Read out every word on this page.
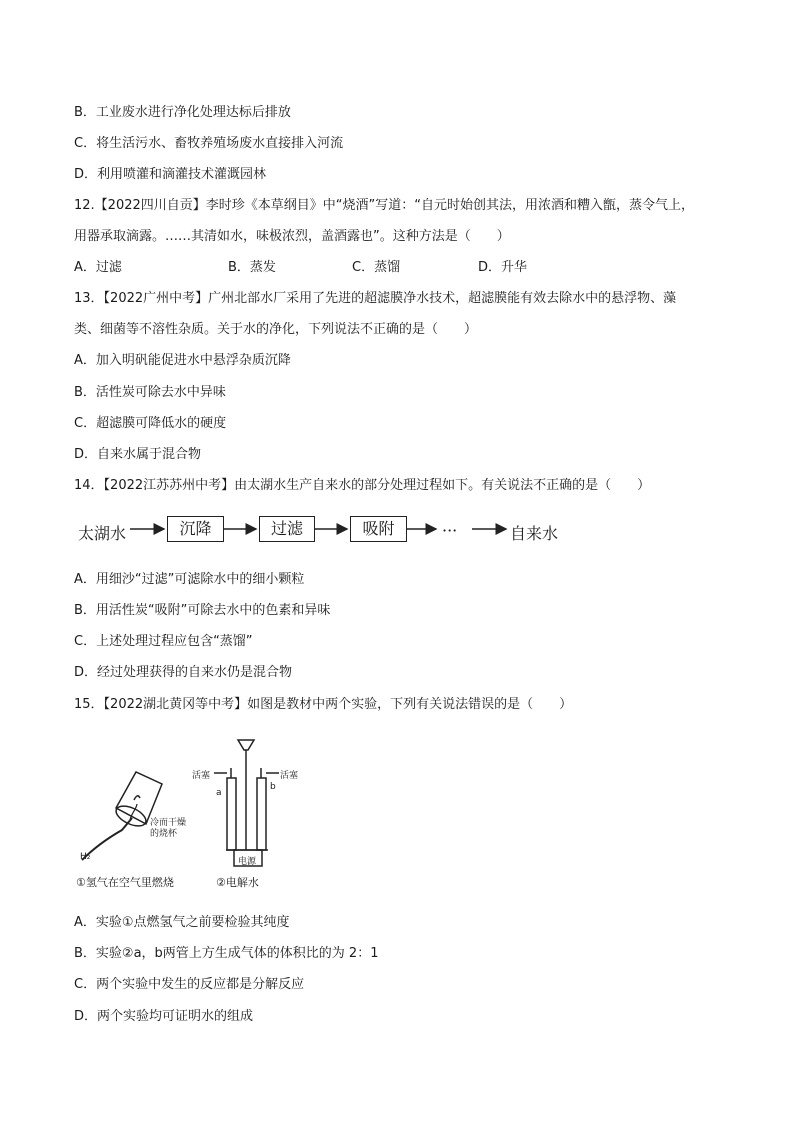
B．工业废水进行净化处理达标后排放
C．将生活污水、畜牧养殖场废水直接排入河流
D．利用喷灌和滴灌技术灌溉园林
12.【2022四川自贡】李时珍《本草纲目》中“烧酒”写道：“自元时始创其法，用浓酒和糟入甑，蒸令气上，
用器承取滴露。……其清如水，味极浓烈，盖酒露也”。这种方法是（　　）
A．过滤	B．蒸发	C．蒸馏	D．升华
13．【2022广州中考】广州北部水厂采用了先进的超滤膜净水技术，超滤膜能有效去除水中的悬浮物、藻
类、细菌等不溶性杂质。关于水的净化，下列说法不正确的是（　　）
A．加入明矾能促进水中悬浮杂质沉降
B．活性炭可除去水中异味
C．超滤膜可降低水的硬度
D．自来水属于混合物
14．【2022江苏苏州中考】由太湖水生产自来水的部分处理过程如下。有关说法不正确的是（　　）
太湖水	沉降	过滤	吸附	···	自来水
A．用细沙“过滤”可滤除水中的细小颗粒
B．用活性炭“吸附”可除去水中的色素和异味
C．上述处理过程应包含“蒸馏”
D．经过处理获得的自来水仍是混合物
15．【2022湖北黄冈等中考】如图是教材中两个实验，下列有关说法错误的是（　　）
H₂
冷而干燥的烧杯
活塞	活塞
a
b
电源
①氢气在空气里燃烧	②电解水
A．实验①点燃氢气之前要检验其纯度
B．实验②a，b两管上方生成气体的体积比的为 2：1
C．两个实验中发生的反应都是分解反应
D．两个实验均可证明水的组成
